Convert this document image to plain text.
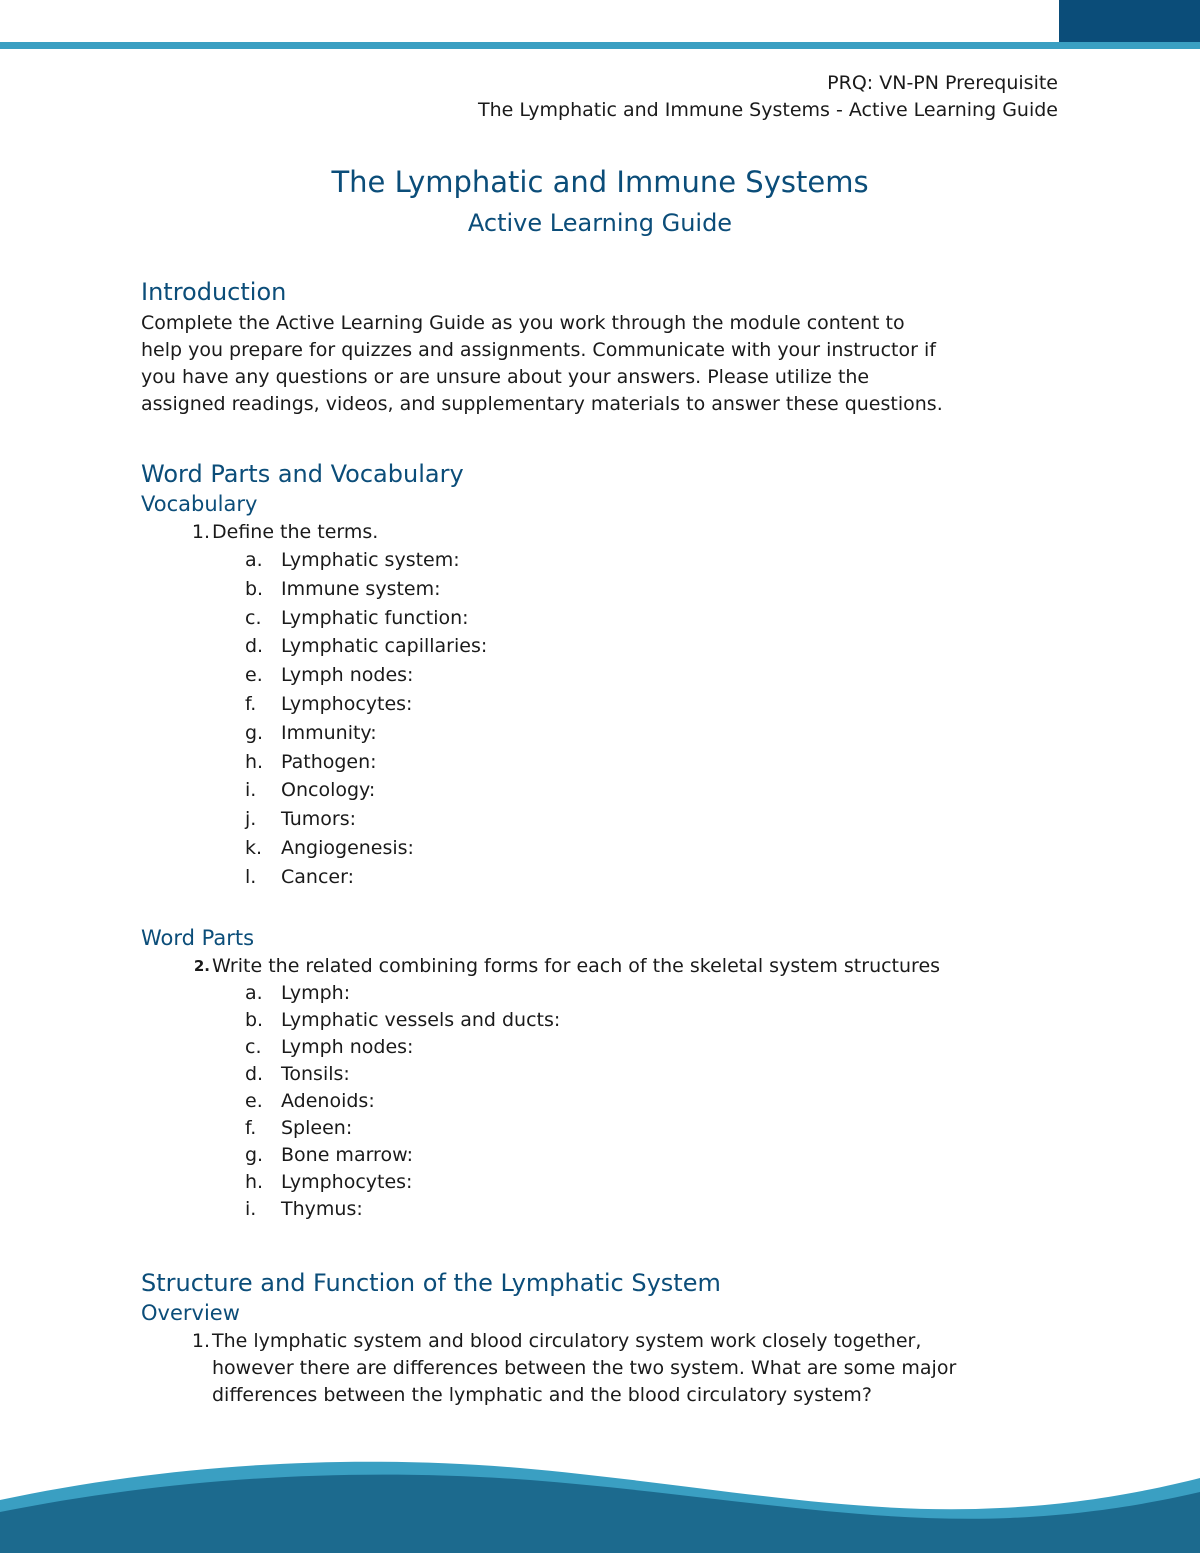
PRQ: VN-PN Prerequisite
The Lymphatic and Immune Systems - Active Learning Guide
The Lymphatic and Immune Systems
Active Learning Guide
Introduction
Complete the Active Learning Guide as you work through the module content to
help you prepare for quizzes and assignments. Communicate with your instructor if
you have any questions or are unsure about your answers. Please utilize the
assigned readings, videos, and supplementary materials to answer these questions.
Word Parts and Vocabulary
Vocabulary
1. Define the terms.
a. Lymphatic system:
b. Immune system:
c.	Lymphatic function:
d. Lymphatic capillaries:
e. Lymph nodes:
f.	Lymphocytes:
g. Immunity:
h. Pathogen:
i.	Oncology:
j.	Tumors:
k. Angiogenesis:
l.	Cancer:
Word Parts
2. Write the related combining forms for each of the skeletal system structures
a. Lymph:
b. Lymphatic vessels and ducts:
c.	Lymph nodes:
d. Tonsils:
e. Adenoids:
f.	Spleen:
g. Bone marrow:
h. Lymphocytes:
i.	Thymus:
Structure and Function of the Lymphatic System
Overview
1. The lymphatic system and blood circulatory system work closely together,
however there are differences between the two system. What are some major
differences between the lymphatic and the blood circulatory system?
